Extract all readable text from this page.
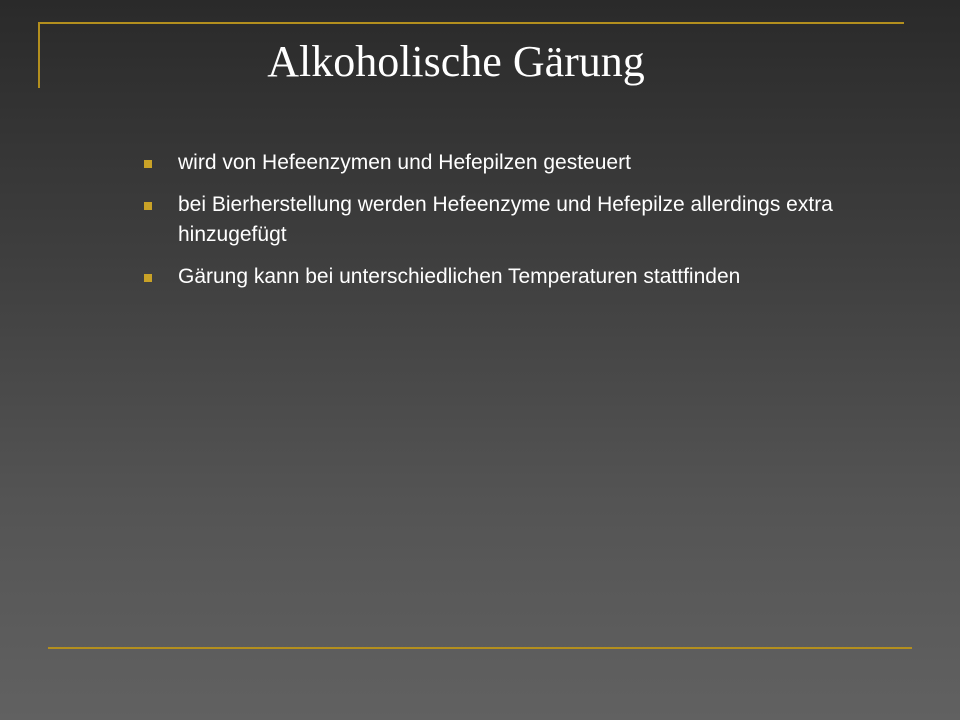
Alkoholische Gärung
wird von Hefeenzymen und Hefepilzen gesteuert
bei Bierherstellung werden Hefeenzyme und Hefepilze allerdings extra hinzugefügt
Gärung kann bei unterschiedlichen Temperaturen stattfinden
